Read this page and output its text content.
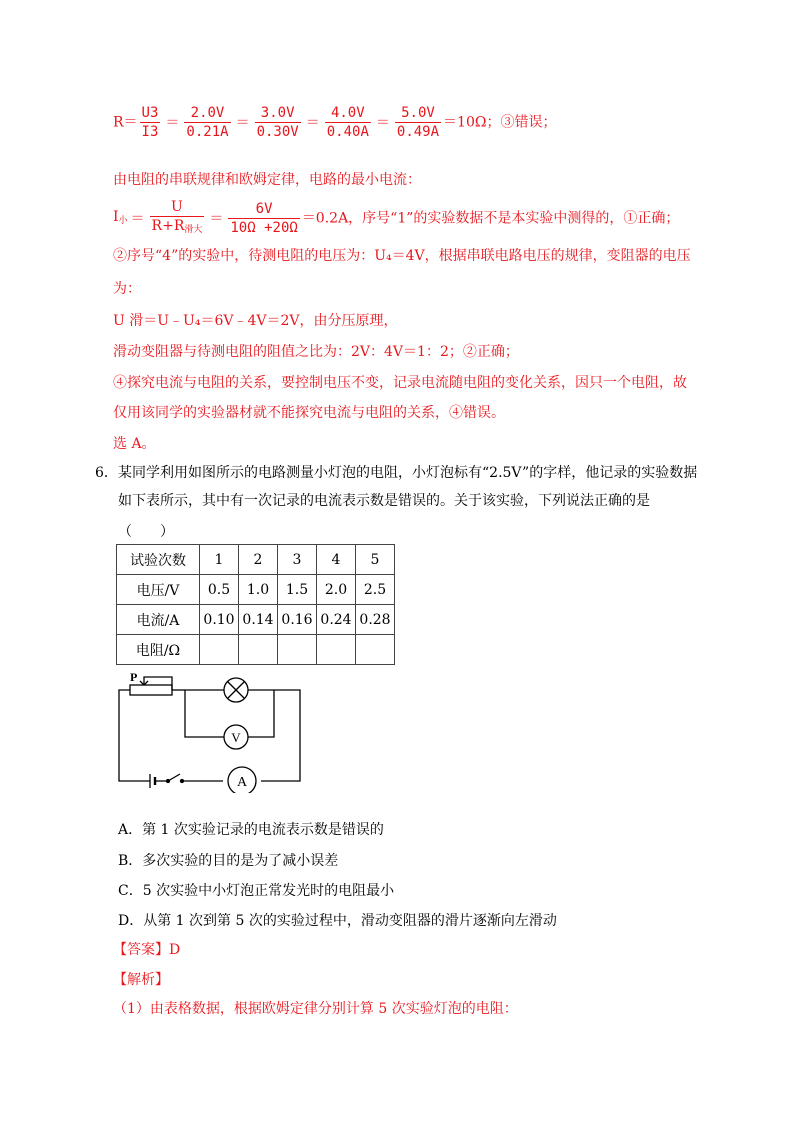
$R= \frac{U3}{I3} = \frac{2.0V}{0.21A} = \frac{3.0V}{0.30V} = \frac{4.0V}{0.40A} = \frac{5.0V}{0.49A} =10\Omega$；③错误；
由电阻的串联规律和欧姆定律，电路的最小电流：
$I_小 = \frac{U}{R+R_{滑大}} = \frac{6V}{10\Omega +20\Omega} =0.2A$，序号“1”的实验数据不是本实验中测得的，①正确；
②序号“4”的实验中，待测电阻的电压为：U₄＝4V，根据串联电路电压的规律，变阻器的电压
为：
U 滑＝U﹣U₄＝6V﹣4V＝2V，由分压原理，
滑动变阻器与待测电阻的阻值之比为：2V：4V＝1：2；②正确；
④探究电流与电阻的关系，要控制电压不变，记录电流随电阻的变化关系，因只一个电阻，故
仅用该同学的实验器材就不能探究电流与电阻的关系，④错误。
选 A。
6． 某同学利用如图所示的电路测量小灯泡的电阻，小灯泡标有“2.5V”的字样，他记录的实验数据
如下表所示，其中有一次记录的电流表示数是错误的。关于该实验，下列说法正确的是
（　　）
试验次数	1	2	3	4	5
电压/V	0.5	1.0	1.5	2.0	2.5
电流/A	0.10	0.14	0.16	0.24	0.28
电阻/Ω					
V
A
P
A．第 1 次实验记录的电流表示数是错误的
B．多次实验的目的是为了减小误差
C．5 次实验中小灯泡正常发光时的电阻最小
D．从第 1 次到第 5 次的实验过程中，滑动变阻器的滑片逐渐向左滑动
【答案】D
【解析】
（1）由表格数据，根据欧姆定律分别计算 5 次实验灯泡的电阻：
